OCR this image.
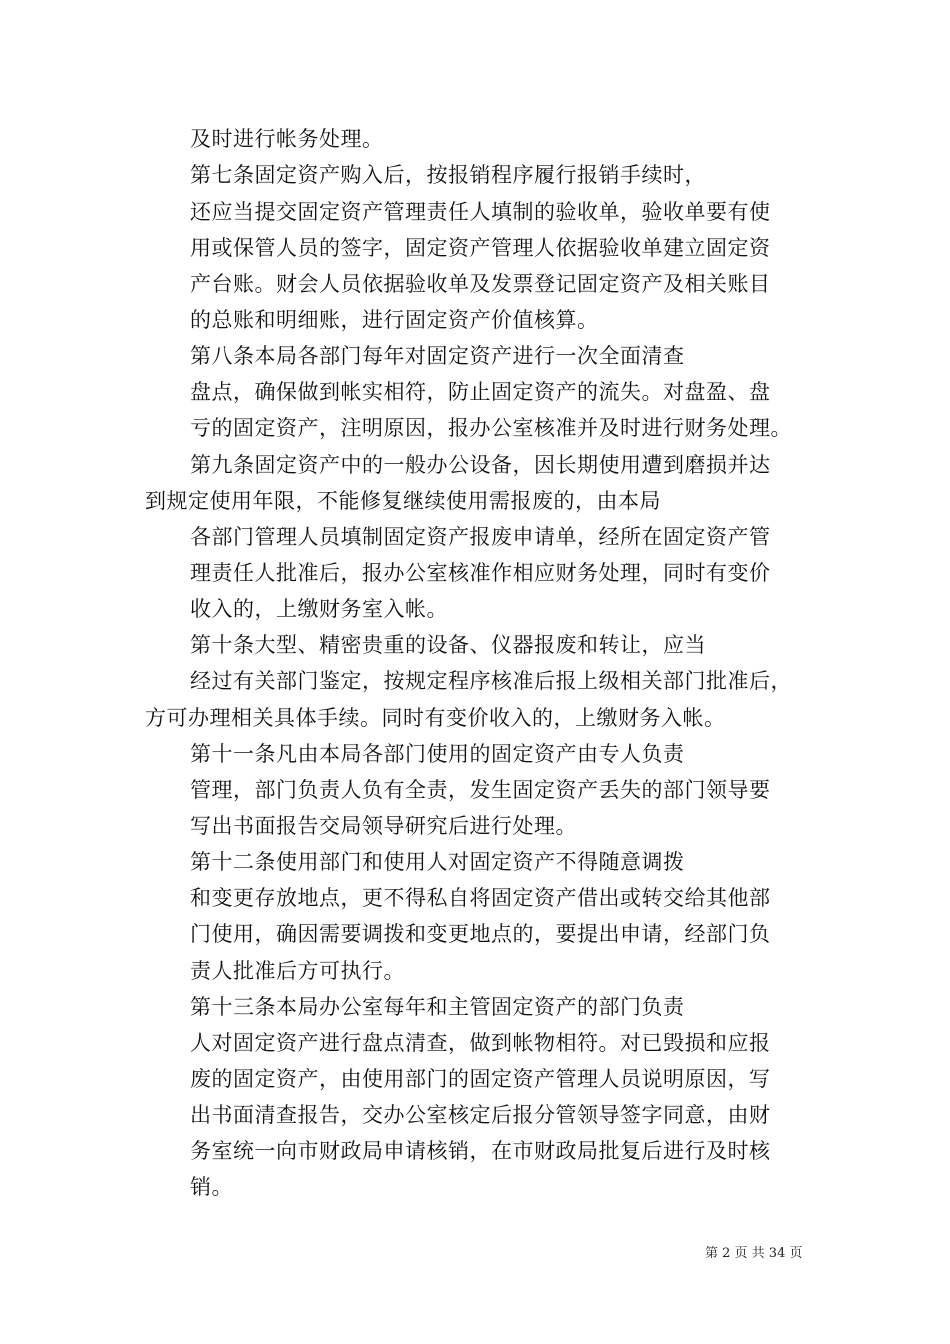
及时进行帐务处理。
第七条固定资产购入后，按报销程序履行报销手续时，
还应当提交固定资产管理责任人填制的验收单，验收单要有使
用或保管人员的签字，固定资产管理人依据验收单建立固定资
产台账。财会人员依据验收单及发票登记固定资产及相关账目
的总账和明细账，进行固定资产价值核算。
第八条本局各部门每年对固定资产进行一次全面清查
盘点，确保做到帐实相符，防止固定资产的流失。对盘盈、盘
亏的固定资产，注明原因，报办公室核准并及时进行财务处理。
第九条固定资产中的一般办公设备，因长期使用遭到磨损并达
到规定使用年限，不能修复继续使用需报废的，由本局
各部门管理人员填制固定资产报废申请单，经所在固定资产管
理责任人批准后，报办公室核准作相应财务处理，同时有变价
收入的，上缴财务室入帐。
第十条大型、精密贵重的设备、仪器报废和转让，应当
经过有关部门鉴定，按规定程序核准后报上级相关部门批准后，
方可办理相关具体手续。同时有变价收入的，上缴财务入帐。
第十一条凡由本局各部门使用的固定资产由专人负责
管理，部门负责人负有全责，发生固定资产丢失的部门领导要
写出书面报告交局领导研究后进行处理。
第十二条使用部门和使用人对固定资产不得随意调拨
和变更存放地点，更不得私自将固定资产借出或转交给其他部
门使用，确因需要调拨和变更地点的，要提出申请，经部门负
责人批准后方可执行。
第十三条本局办公室每年和主管固定资产的部门负责
人对固定资产进行盘点清查，做到帐物相符。对已毁损和应报
废的固定资产，由使用部门的固定资产管理人员说明原因，写
出书面清查报告，交办公室核定后报分管领导签字同意，由财
务室统一向市财政局申请核销，在市财政局批复后进行及时核
销。
第 2 页 共 34 页
